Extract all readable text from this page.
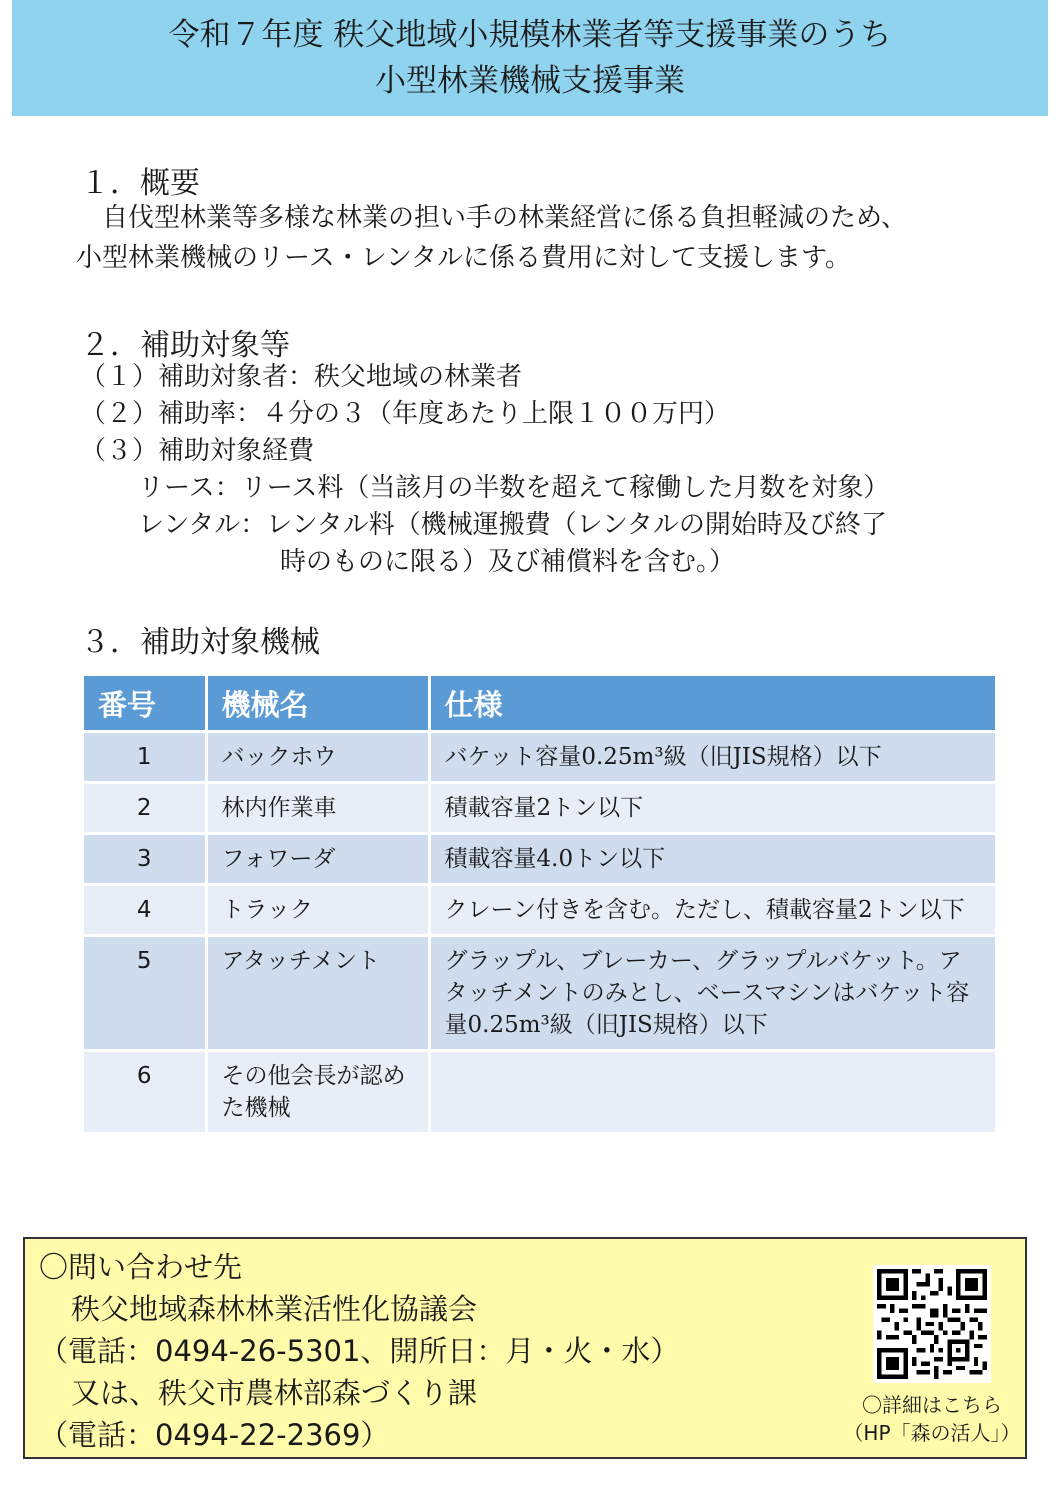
令和７年度 秩父地域小規模林業者等支援事業のうち
小型林業機械支援事業
１．概要
　自伐型林業等多様な林業の担い手の林業経営に係る負担軽減のため、
小型林業機械のリース・レンタルに係る費用に対して支援します。
２．補助対象等
（１）補助対象者：秩父地域の林業者
（２）補助率：４分の３（年度あたり上限１００万円）
（３）補助対象経費
リース：リース料（当該月の半数を超えて稼働した月数を対象）
レンタル：レンタル料（機械運搬費（レンタルの開始時及び終了
時のものに限る）及び補償料を含む。）
３．補助対象機械
番号	機械名	仕様
1	バックホウ	バケット容量0.25m³級（旧JIS規格）以下
2	林内作業車	積載容量2トン以下
3	フォワーダ	積載容量4.0トン以下
4	トラック	クレーン付きを含む。ただし、積載容量2トン以下
5	アタッチメント	グラップル、ブレーカー、グラップルバケット。アタッチメントのみとし、ベースマシンはバケット容量0.25m³級（旧JIS規格）以下
6	その他会長が認めた機械	
〇問い合わせ先
秩父地域森林林業活性化協議会
（電話：0494-26-5301、開所日：月・火・水）
又は、秩父市農林部森づくり課
（電話：0494-22-2369）
〇詳細はこちら
（HP「森の活人」）
